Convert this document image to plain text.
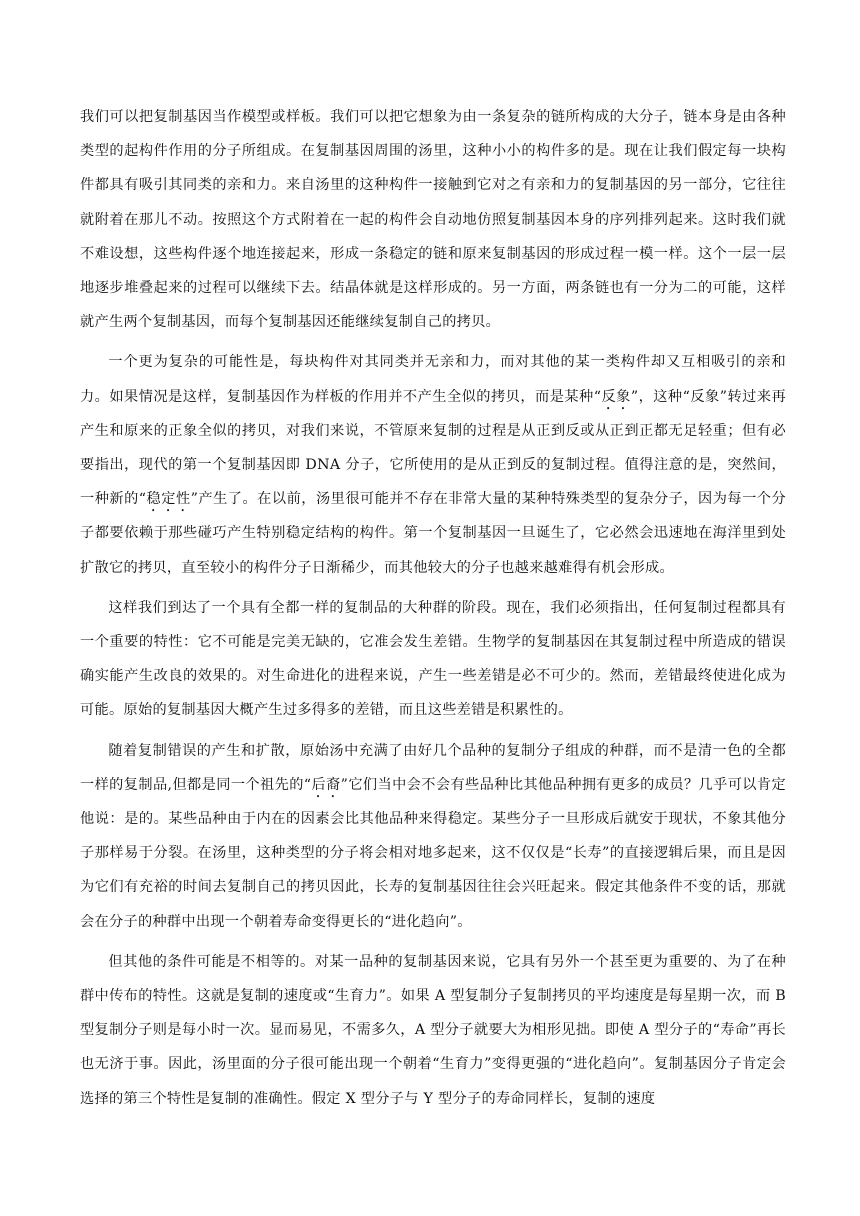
我们可以把复制基因当作模型或样板。我们可以把它想象为由一条复杂的链所构成的大分子，链本身是由各种类型的起构件作用的分子所组成。在复制基因周围的汤里，这种小小的构件多的是。现在让我们假定每一块构件都具有吸引其同类的亲和力。来自汤里的这种构件一接触到它对之有亲和力的复制基因的另一部分，它往往就附着在那儿不动。按照这个方式附着在一起的构件会自动地仿照复制基因本身的序列排列起来。这时我们就不难设想，这些构件逐个地连接起来，形成一条稳定的链和原来复制基因的形成过程一模一样。这个一层一层地逐步堆叠起来的过程可以继续下去。结晶体就是这样形成的。另一方面，两条链也有一分为二的可能，这样就产生两个复制基因，而每个复制基因还能继续复制自己的拷贝。

一个更为复杂的可能性是，每块构件对其同类并无亲和力，而对其他的某一类构件却又互相吸引的亲和力。如果情况是这样，复制基因作为样板的作用并不产生全似的拷贝，而是某种“反象”，这种“反象”转过来再产生和原来的正象全似的拷贝，对我们来说，不管原来复制的过程是从正到反或从正到正都无足轻重；但有必要指出，现代的第一个复制基因即 DNA 分子，它所使用的是从正到反的复制过程。值得注意的是，突然间，一种新的“稳定性”产生了。在以前，汤里很可能并不存在非常大量的某种特殊类型的复杂分子，因为每一个分子都要依赖于那些碰巧产生特别稳定结构的构件。第一个复制基因一旦诞生了，它必然会迅速地在海洋里到处扩散它的拷贝，直至较小的构件分子日渐稀少，而其他较大的分子也越来越难得有机会形成。

这样我们到达了一个具有全都一样的复制品的大种群的阶段。现在，我们必须指出，任何复制过程都具有一个重要的特性：它不可能是完美无缺的，它准会发生差错。生物学的复制基因在其复制过程中所造成的错误确实能产生改良的效果的。对生命进化的进程来说，产生一些差错是必不可少的。然而，差错最终使进化成为可能。原始的复制基因大概产生过多得多的差错，而且这些差错是积累性的。

随着复制错误的产生和扩散，原始汤中充满了由好几个品种的复制分子组成的种群，而不是清一色的全都一样的复制品,但都是同一个祖先的“后裔”它们当中会不会有些品种比其他品种拥有更多的成员？几乎可以肯定他说：是的。某些品种由于内在的因素会比其他品种来得稳定。某些分子一旦形成后就安于现状，不象其他分子那样易于分裂。在汤里，这种类型的分子将会相对地多起来，这不仅仅是“长寿”的直接逻辑后果，而且是因为它们有充裕的时间去复制自己的拷贝因此，长寿的复制基因往往会兴旺起来。假定其他条件不变的话，那就会在分子的种群中出现一个朝着寿命变得更长的“进化趋向”。

但其他的条件可能是不相等的。对某一品种的复制基因来说，它具有另外一个甚至更为重要的、为了在种群中传布的特性。这就是复制的速度或“生育力”。如果 A 型复制分子复制拷贝的平均速度是每星期一次，而 B 型复制分子则是每小时一次。显而易见，不需多久，A 型分子就要大为相形见拙。即使 A 型分子的“寿命”再长也无济于事。因此，汤里面的分子很可能出现一个朝着“生育力”变得更强的“进化趋向”。复制基因分子肯定会选择的第三个特性是复制的准确性。假定 X 型分子与 Y 型分子的寿命同样长，复制的速度
